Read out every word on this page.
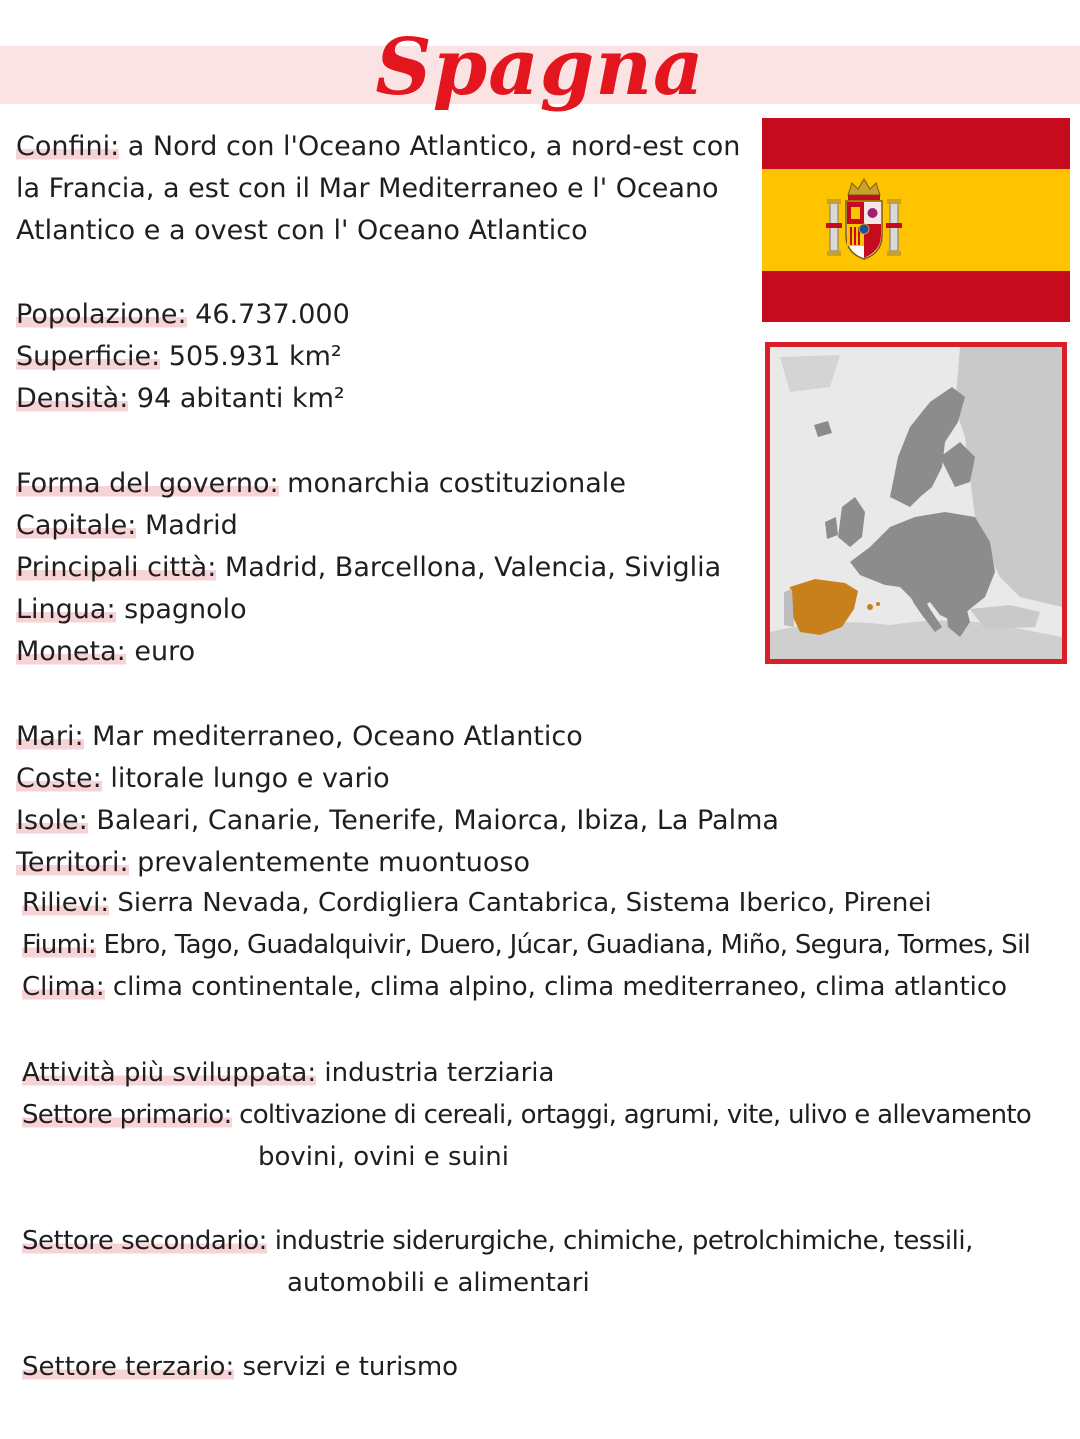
Spagna
Confini: a Nord con l'Oceano Atlantico, a nord-est con
la Francia, a est con il Mar Mediterraneo e l' Oceano
Atlantico e a ovest con l' Oceano Atlantico
Popolazione: 46.737.000
Superficie: 505.931 km²
Densità: 94 abitanti km²
Forma del governo: monarchia costituzionale
Capitale: Madrid
Principali città: Madrid, Barcellona, Valencia, Siviglia
Lingua: spagnolo
Moneta: euro
Mari: Mar mediterraneo, Oceano Atlantico
Coste: litorale lungo e vario
Isole: Baleari, Canarie, Tenerife, Maiorca, Ibiza, La Palma
Territori: prevalentemente muontuoso
Rilievi: Sierra Nevada, Cordigliera Cantabrica, Sistema Iberico, Pirenei
Fiumi: Ebro, Tago, Guadalquivir, Duero, Júcar, Guadiana, Miño, Segura, Tormes, Sil
Clima: clima continentale, clima alpino, clima mediterraneo, clima atlantico
Attività più sviluppata: industria terziaria
Settore primario: coltivazione di cereali, ortaggi, agrumi, vite, ulivo e allevamento
bovini, ovini e suini
Settore secondario: industrie siderurgiche, chimiche, petrolchimiche, tessili,
automobili e alimentari
Settore terzario: servizi e turismo
